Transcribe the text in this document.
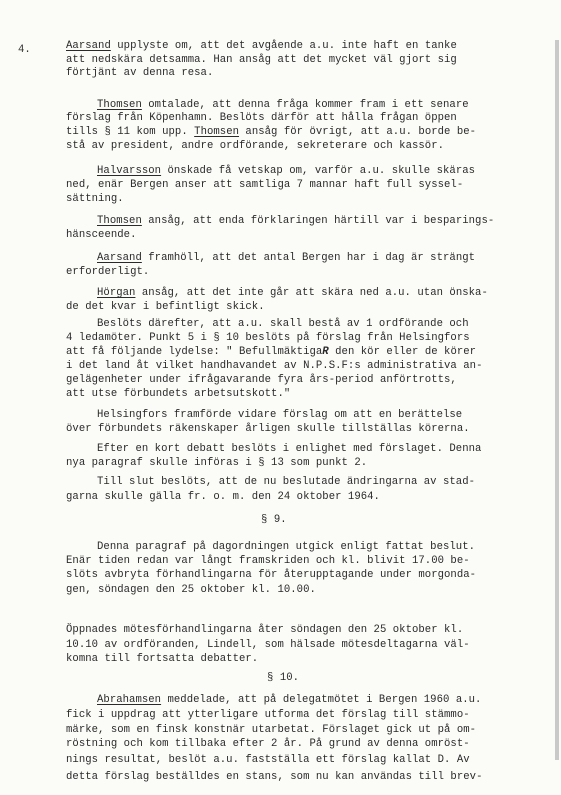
4.	Aarsand upplyste om, att det avgående a.u. inte haft en tanke
att nedskära detsamma. Han ansåg att det mycket väl gjort sig
förtjänt av denna resa.
Thomsen omtalade, att denna fråga kommer fram i ett senare
förslag från Köpenhamn. Beslöts därför att hålla frågan öppen
tills § 11 kom upp. Thomsen ansåg för övrigt, att a.u. borde be-
stå av president, andre ordförande, sekreterare och kassör.
Halvarsson önskade få vetskap om, varför a.u. skulle skäras
ned, enär Bergen anser att samtliga 7 mannar haft full syssel-
sättning.
Thomsen ansåg, att enda förklaringen härtill var i besparings-
hänsceende.
Aarsand framhöll, att det antal Bergen har i dag är strängt
erforderligt.
Hörgan ansåg, att det inte går att skära ned a.u. utan önska-
de det kvar i befintligt skick.
Beslöts därefter, att a.u. skall bestå av 1 ordförande och
4 ledamöter. Punkt 5 i § 10 beslöts på förslag från Helsingfors
att få följande lydelse: " BefullmäktigaR den kör eller de körer
i det land åt vilket handhavandet av N.P.S.F:s administrativa an-
gelägenheter under ifrågavarande fyra års-period anförtrotts,
att utse förbundets arbetsutskott."
Helsingfors framförde vidare förslag om att en berättelse
över förbundets räkenskaper årligen skulle tillställas körerna.
Efter en kort debatt beslöts i enlighet med förslaget. Denna
nya paragraf skulle införas i § 13 som punkt 2.
Till slut beslöts, att de nu beslutade ändringarna av stad-
garna skulle gälla fr. o. m. den 24 oktober 1964.
§ 9.
Denna paragraf på dagordningen utgick enligt fattat beslut.
Enär tiden redan var långt framskriden och kl. blivit 17.00 be-
slöts avbryta förhandlingarna för återupptagande under morgonda-
gen, söndagen den 25 oktober kl. 10.00.
Öppnades mötesförhandlingarna åter söndagen den 25 oktober kl.
10.10 av ordföranden, Lindell, som hälsade mötesdeltagarna väl-
komna till fortsatta debatter.
§ 10.
Abrahamsen meddelade, att på delegatmötet i Bergen 1960 a.u.
fick i uppdrag att ytterligare utforma det förslag till stämmo-
märke, som en finsk konstnär utarbetat. Förslaget gick ut på om-
röstning och kom tillbaka efter 2 år. På grund av denna omröst-
nings resultat, beslöt a.u. fastställa ett förslag kallat D. Av
detta förslag beställdes en stans, som nu kan användas till brev-
